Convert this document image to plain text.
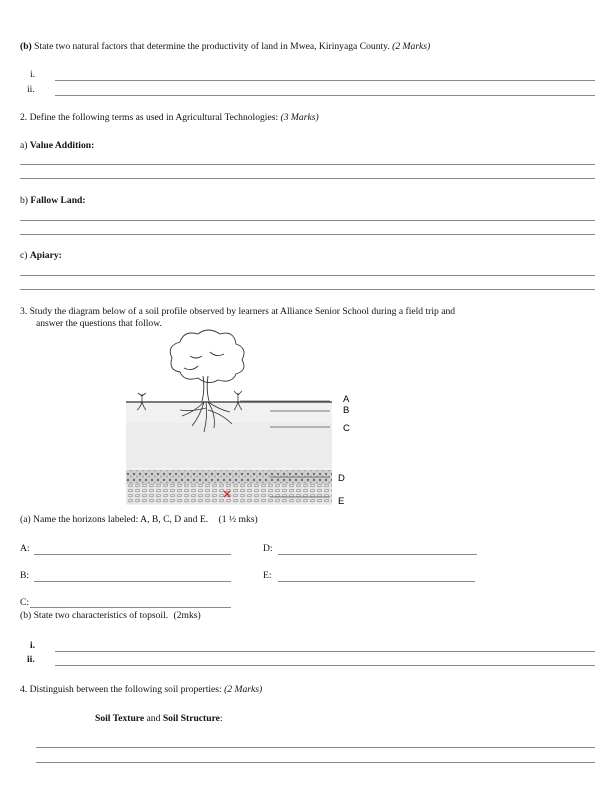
(b) State two natural factors that determine the productivity of land in Mwea, Kirinyaga County. (2 Marks)
i.
ii.
2. Define the following terms as used in Agricultural Technologies: (3 Marks)
a) Value Addition:
b) Fallow Land:
c) Apiary:
3. Study the diagram below of a soil profile observed by learners at Alliance Senior School during a field trip and
answer the questions that follow.
A
B
C
D
E
(a) Name the horizons labeled: A, B, C, D and E. (1 ½ mks)
A:	D:
B:	E:
C:
(b) State two characteristics of topsoil. (2mks)
i.
ii.
4. Distinguish between the following soil properties: (2 Marks)
Soil Texture and Soil Structure:
